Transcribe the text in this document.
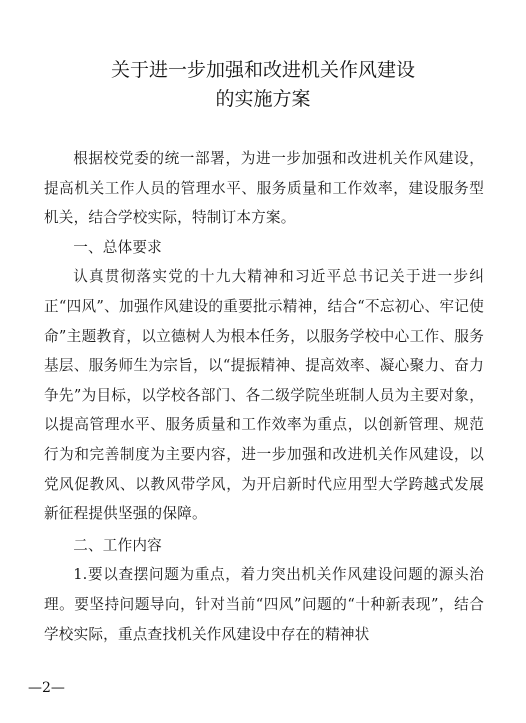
关于进一步加强和改进机关作风建设
的实施方案

根据校党委的统一部署，为进一步加强和改进机关作风建设，提高机关工作人员的管理水平、服务质量和工作效率，建设服务型机关，结合学校实际，特制订本方案。

一、总体要求

认真贯彻落实党的十九大精神和习近平总书记关于进一步纠正“四风”、加强作风建设的重要批示精神，结合“不忘初心、牢记使命”主题教育，以立德树人为根本任务，以服务学校中心工作、服务基层、服务师生为宗旨，以“提振精神、提高效率、凝心聚力、奋力争先”为目标，以学校各部门、各二级学院坐班制人员为主要对象，以提高管理水平、服务质量和工作效率为重点，以创新管理、规范行为和完善制度为主要内容，进一步加强和改进机关作风建设，以党风促教风、以教风带学风，为开启新时代应用型大学跨越式发展新征程提供坚强的保障。

二、工作内容

1.要以查摆问题为重点，着力突出机关作风建设问题的源头治理。要坚持问题导向，针对当前“四风”问题的“十种新表现”，结合学校实际，重点查找机关作风建设中存在的精神状

—2—
